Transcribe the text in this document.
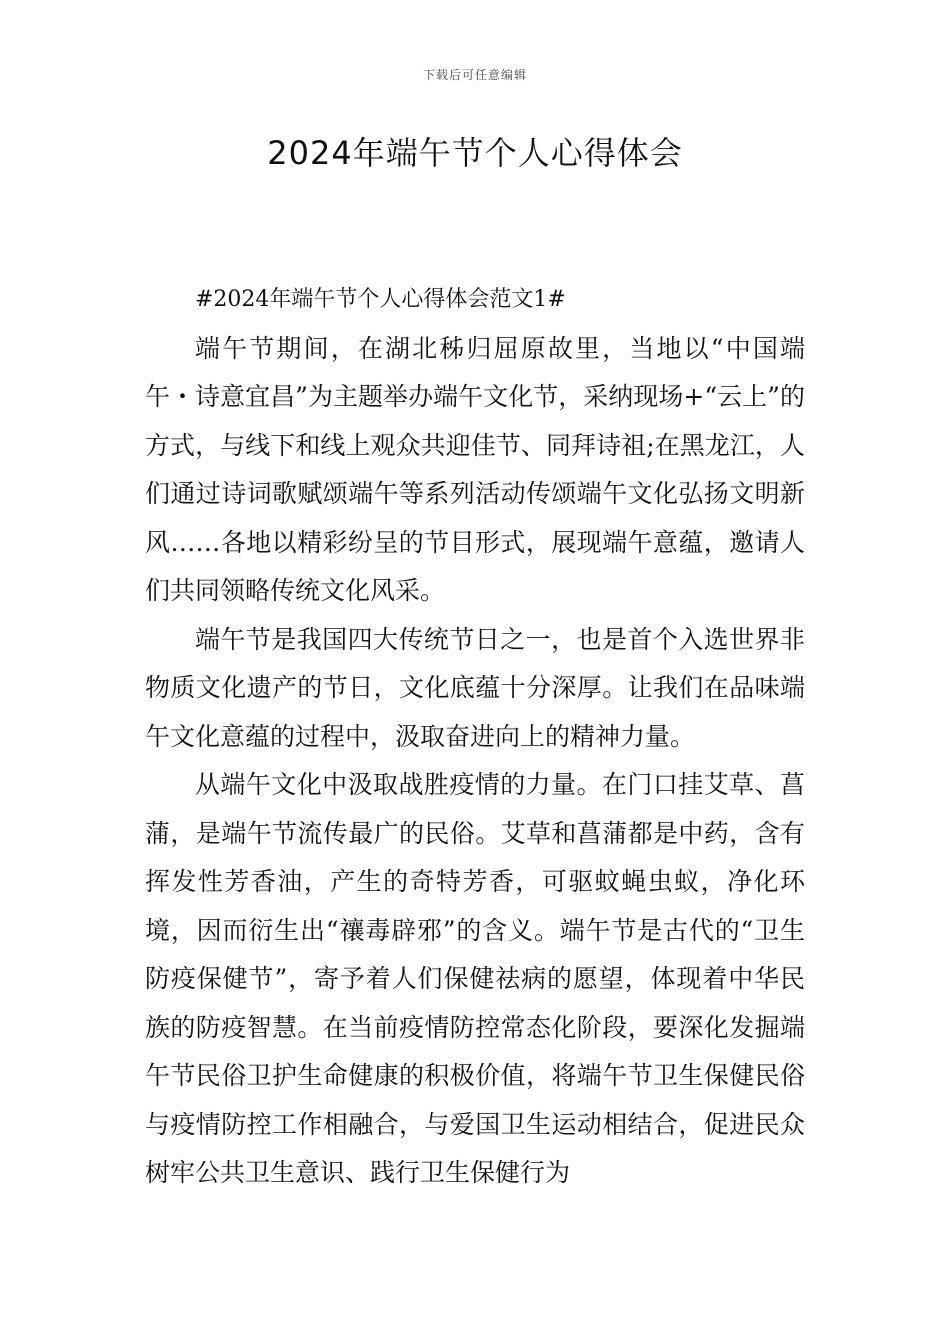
下载后可任意编辑
2024年端午节个人心得体会

#2024年端午节个人心得体会范文1#

端午节期间，在湖北秭归屈原故里，当地以“中国端午・诗意宜昌”为主题举办端午文化节，采纳现场+“云上”的方式，与线下和线上观众共迎佳节、同拜诗祖;在黑龙江，人们通过诗词歌赋颂端午等系列活动传颂端午文化弘扬文明新风……各地以精彩纷呈的节目形式，展现端午意蕴，邀请人们共同领略传统文化风采。

端午节是我国四大传统节日之一，也是首个入选世界非物质文化遗产的节日，文化底蕴十分深厚。让我们在品味端午文化意蕴的过程中，汲取奋进向上的精神力量。

从端午文化中汲取战胜疫情的力量。在门口挂艾草、菖蒲，是端午节流传最广的民俗。艾草和菖蒲都是中药，含有挥发性芳香油，产生的奇特芳香，可驱蚊蝇虫蚁，净化环境，因而衍生出“禳毒辟邪”的含义。端午节是古代的“卫生防疫保健节”，寄予着人们保健祛病的愿望，体现着中华民族的防疫智慧。在当前疫情防控常态化阶段，要深化发掘端午节民俗卫护生命健康的积极价值，将端午节卫生保健民俗与疫情防控工作相融合，与爱国卫生运动相结合，促进民众树牢公共卫生意识、践行卫生保健行为
